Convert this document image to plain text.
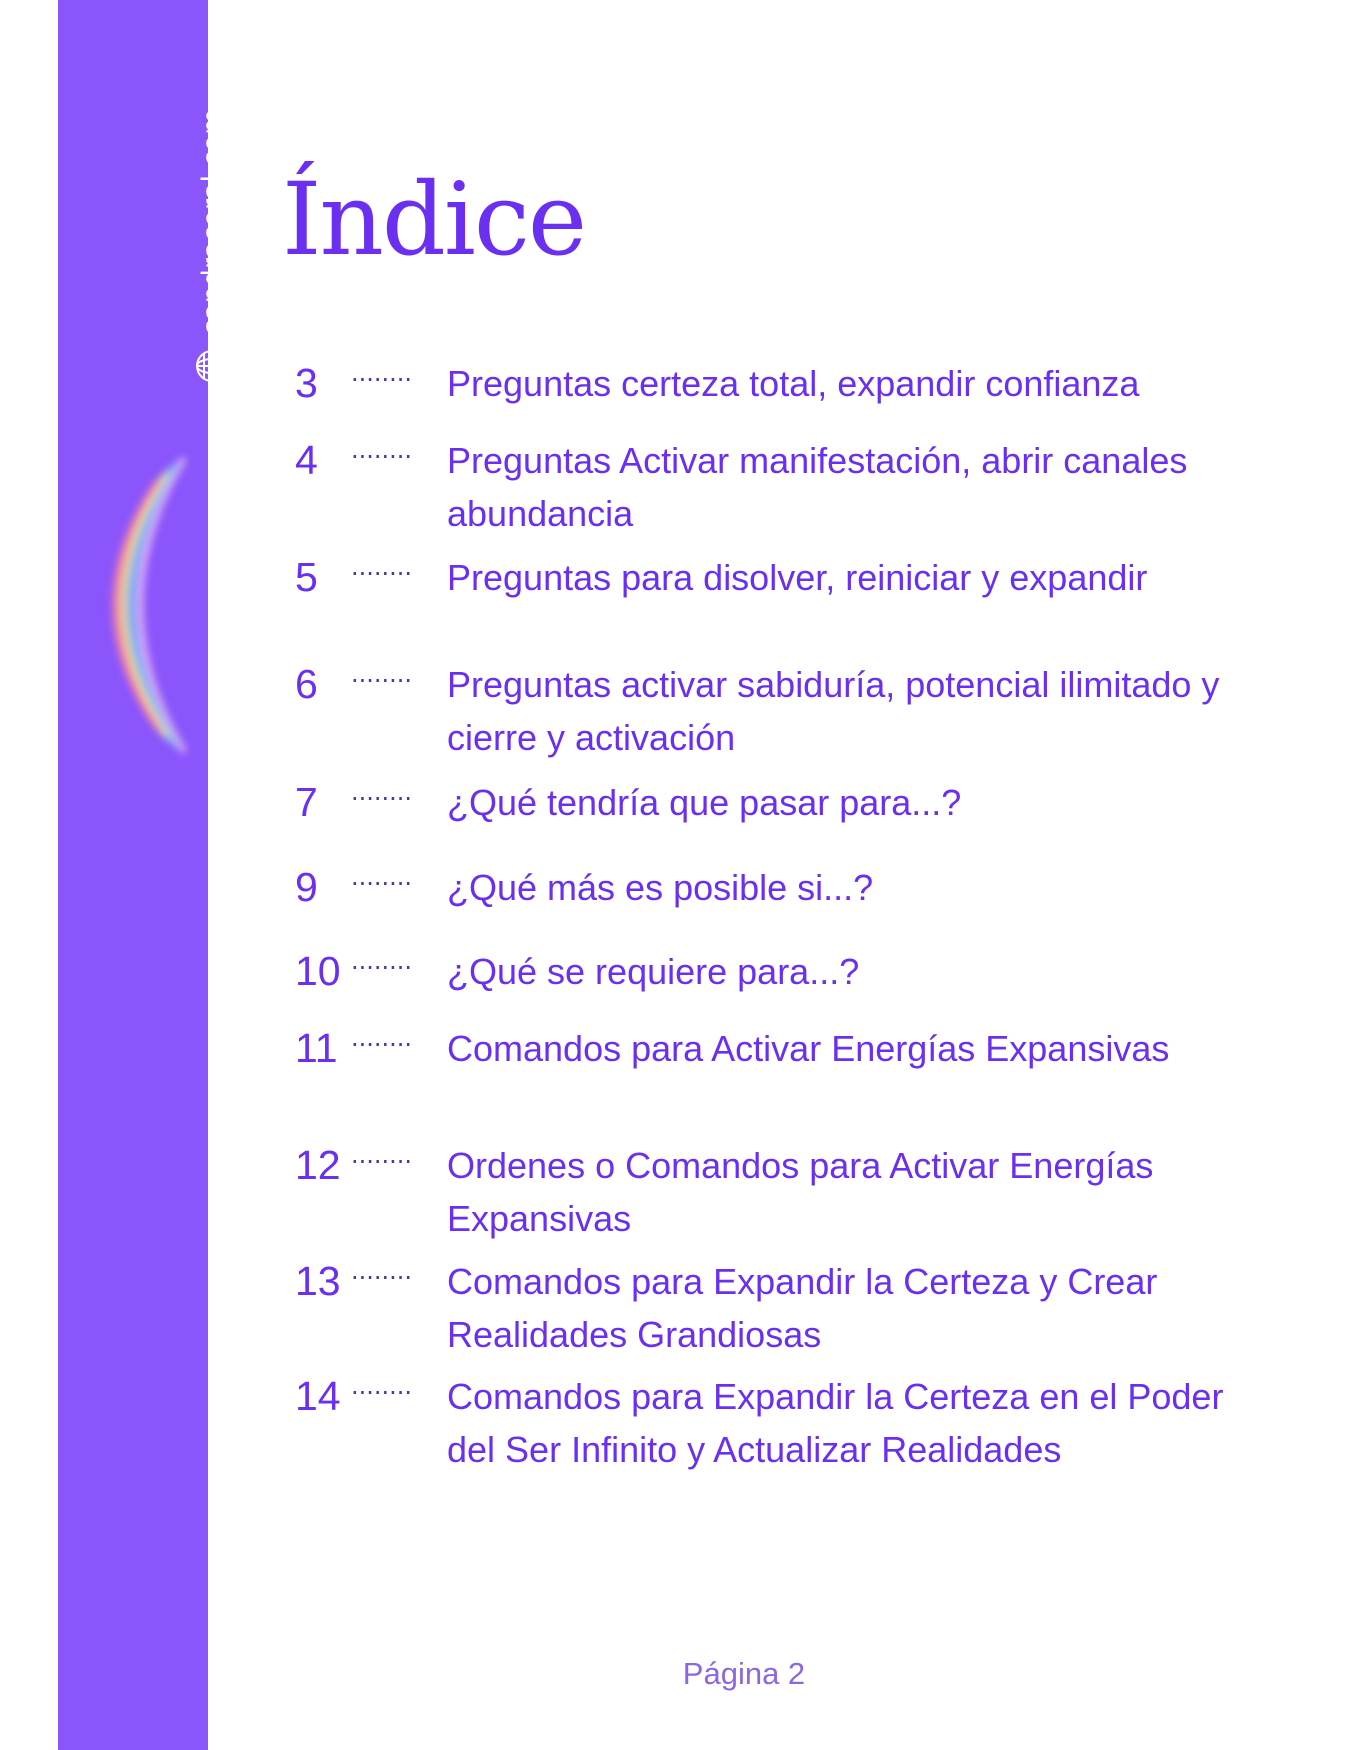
sandracoral.com
Certeza absoluta sin apego a resultados
Índice
3 ........ Preguntas certeza total, expandir confianza
4 ........ Preguntas Activar manifestación, abrir canales abundancia
5 ........ Preguntas para disolver, reiniciar y expandir
6 ........ Preguntas activar sabiduría, potencial ilimitado y cierre y activación
7 ........ ¿Qué tendría que pasar para...?
9 ........ ¿Qué más es posible si...?
10 ........ ¿Qué se requiere para...?
11 ........ Comandos para Activar Energías Expansivas
12 ........ Ordenes o Comandos para Activar Energías Expansivas
13 ........ Comandos para Expandir la Certeza y Crear Realidades Grandiosas
14 ........ Comandos para Expandir la Certeza en el Poder del Ser Infinito y Actualizar Realidades
Página 2
